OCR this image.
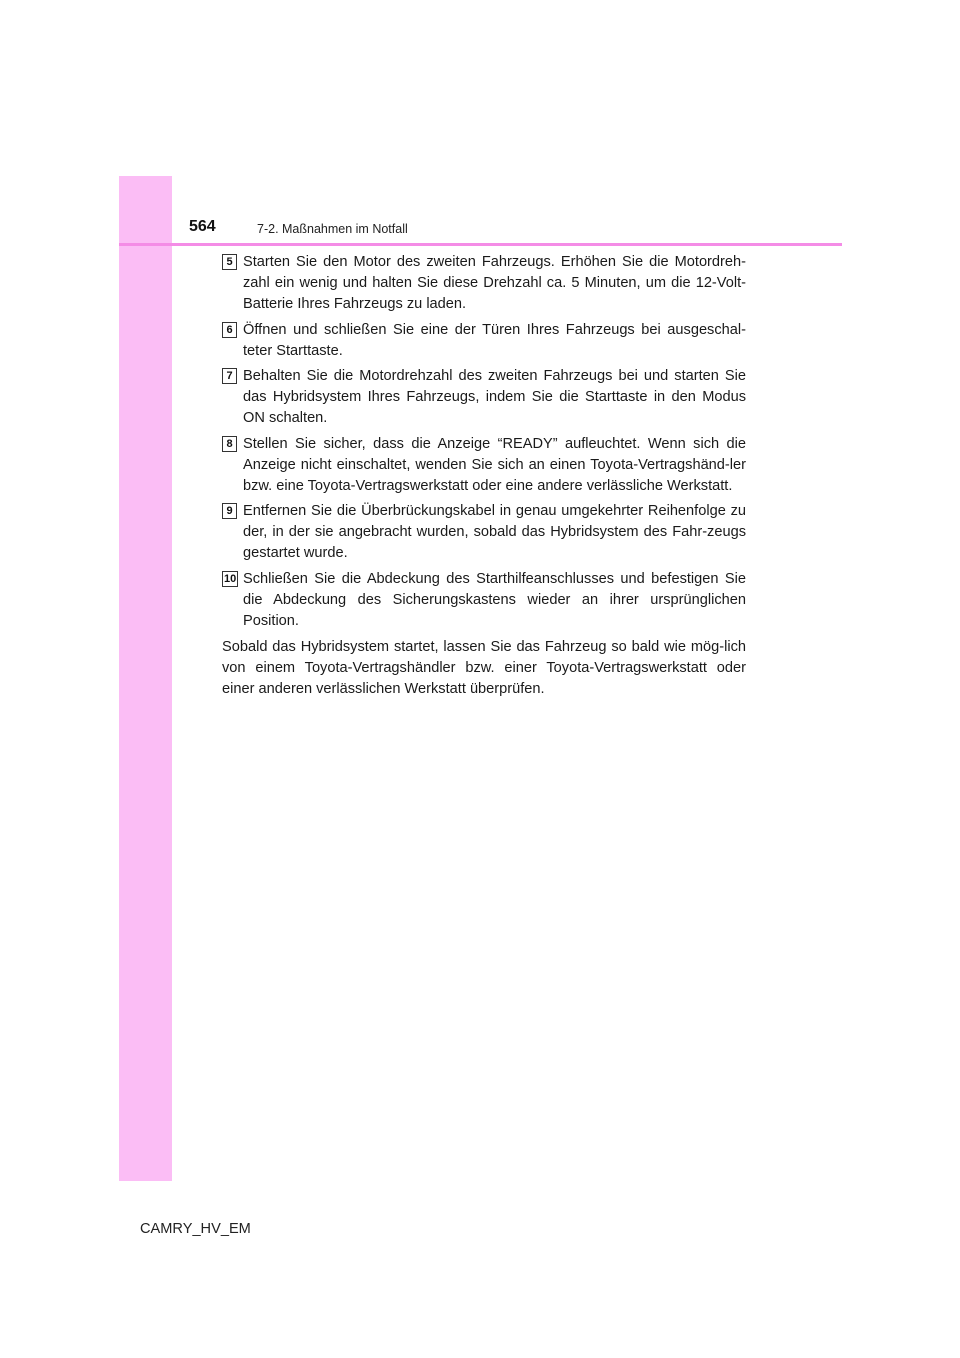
564	7-2. Maßnahmen im Notfall
5 Starten Sie den Motor des zweiten Fahrzeugs. Erhöhen Sie die Motordreh-zahl ein wenig und halten Sie diese Drehzahl ca. 5 Minuten, um die 12-Volt-Batterie Ihres Fahrzeugs zu laden.
6 Öffnen und schließen Sie eine der Türen Ihres Fahrzeugs bei ausgeschal-teter Starttaste.
7 Behalten Sie die Motordrehzahl des zweiten Fahrzeugs bei und starten Sie das Hybridsystem Ihres Fahrzeugs, indem Sie die Starttaste in den Modus ON schalten.
8 Stellen Sie sicher, dass die Anzeige “READY” aufleuchtet. Wenn sich die Anzeige nicht einschaltet, wenden Sie sich an einen Toyota-Vertragshänd-ler bzw. eine Toyota-Vertragswerkstatt oder eine andere verlässliche Werkstatt.
9 Entfernen Sie die Überbrückungskabel in genau umgekehrter Reihenfolge zu der, in der sie angebracht wurden, sobald das Hybridsystem des Fahr-zeugs gestartet wurde.
10 Schließen Sie die Abdeckung des Starthilfeanschlusses und befestigen Sie die Abdeckung des Sicherungskastens wieder an ihrer ursprünglichen Position.
Sobald das Hybridsystem startet, lassen Sie das Fahrzeug so bald wie mög-lich von einem Toyota-Vertragshändler bzw. einer Toyota-Vertragswerkstatt oder einer anderen verlässlichen Werkstatt überprüfen.
CAMRY_HV_EM
